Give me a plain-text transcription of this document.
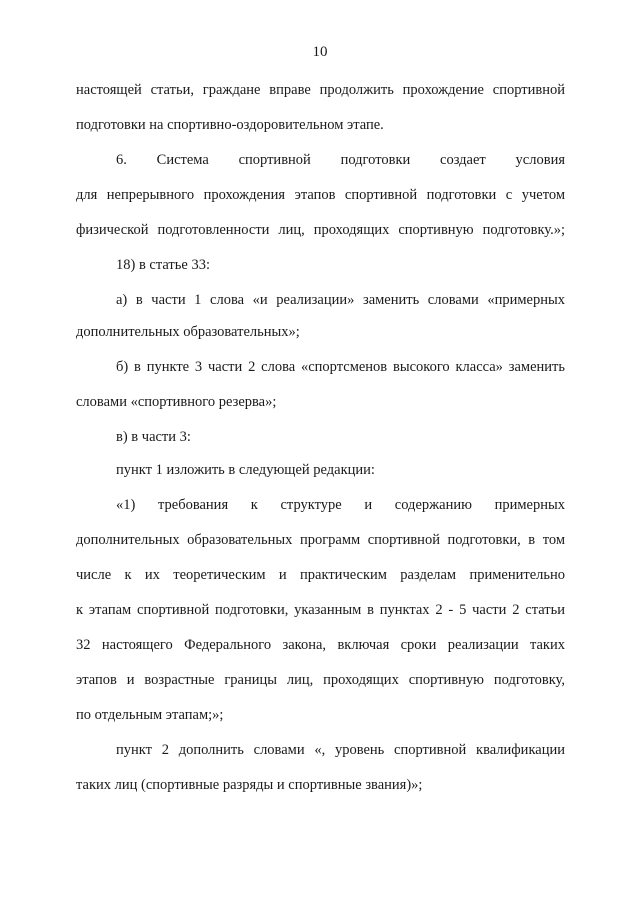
10
настоящей статьи, граждане вправе продолжить прохождение спортивной
подготовки на спортивно-оздоровительном этапе.
6. Система спортивной подготовки создает условия
для непрерывного прохождения этапов спортивной подготовки с учетом
физической подготовленности лиц, проходящих спортивную подготовку.»;
18) в статье 33:
а) в части 1 слова «и реализации» заменить словами «примерных
дополнительных образовательных»;
б) в пункте 3 части 2 слова «спортсменов высокого класса» заменить
словами «спортивного резерва»;
в) в части 3:
пункт 1 изложить в следующей редакции:
«1) требования к структуре и содержанию примерных
дополнительных образовательных программ спортивной подготовки, в том
числе к их теоретическим и практическим разделам применительно
к этапам спортивной подготовки, указанным в пунктах 2 - 5 части 2 статьи
32 настоящего Федерального закона, включая сроки реализации таких
этапов и возрастные границы лиц, проходящих спортивную подготовку,
по отдельным этапам;»;
пункт 2 дополнить словами «, уровень спортивной квалификации
таких лиц (спортивные разряды и спортивные звания)»;
